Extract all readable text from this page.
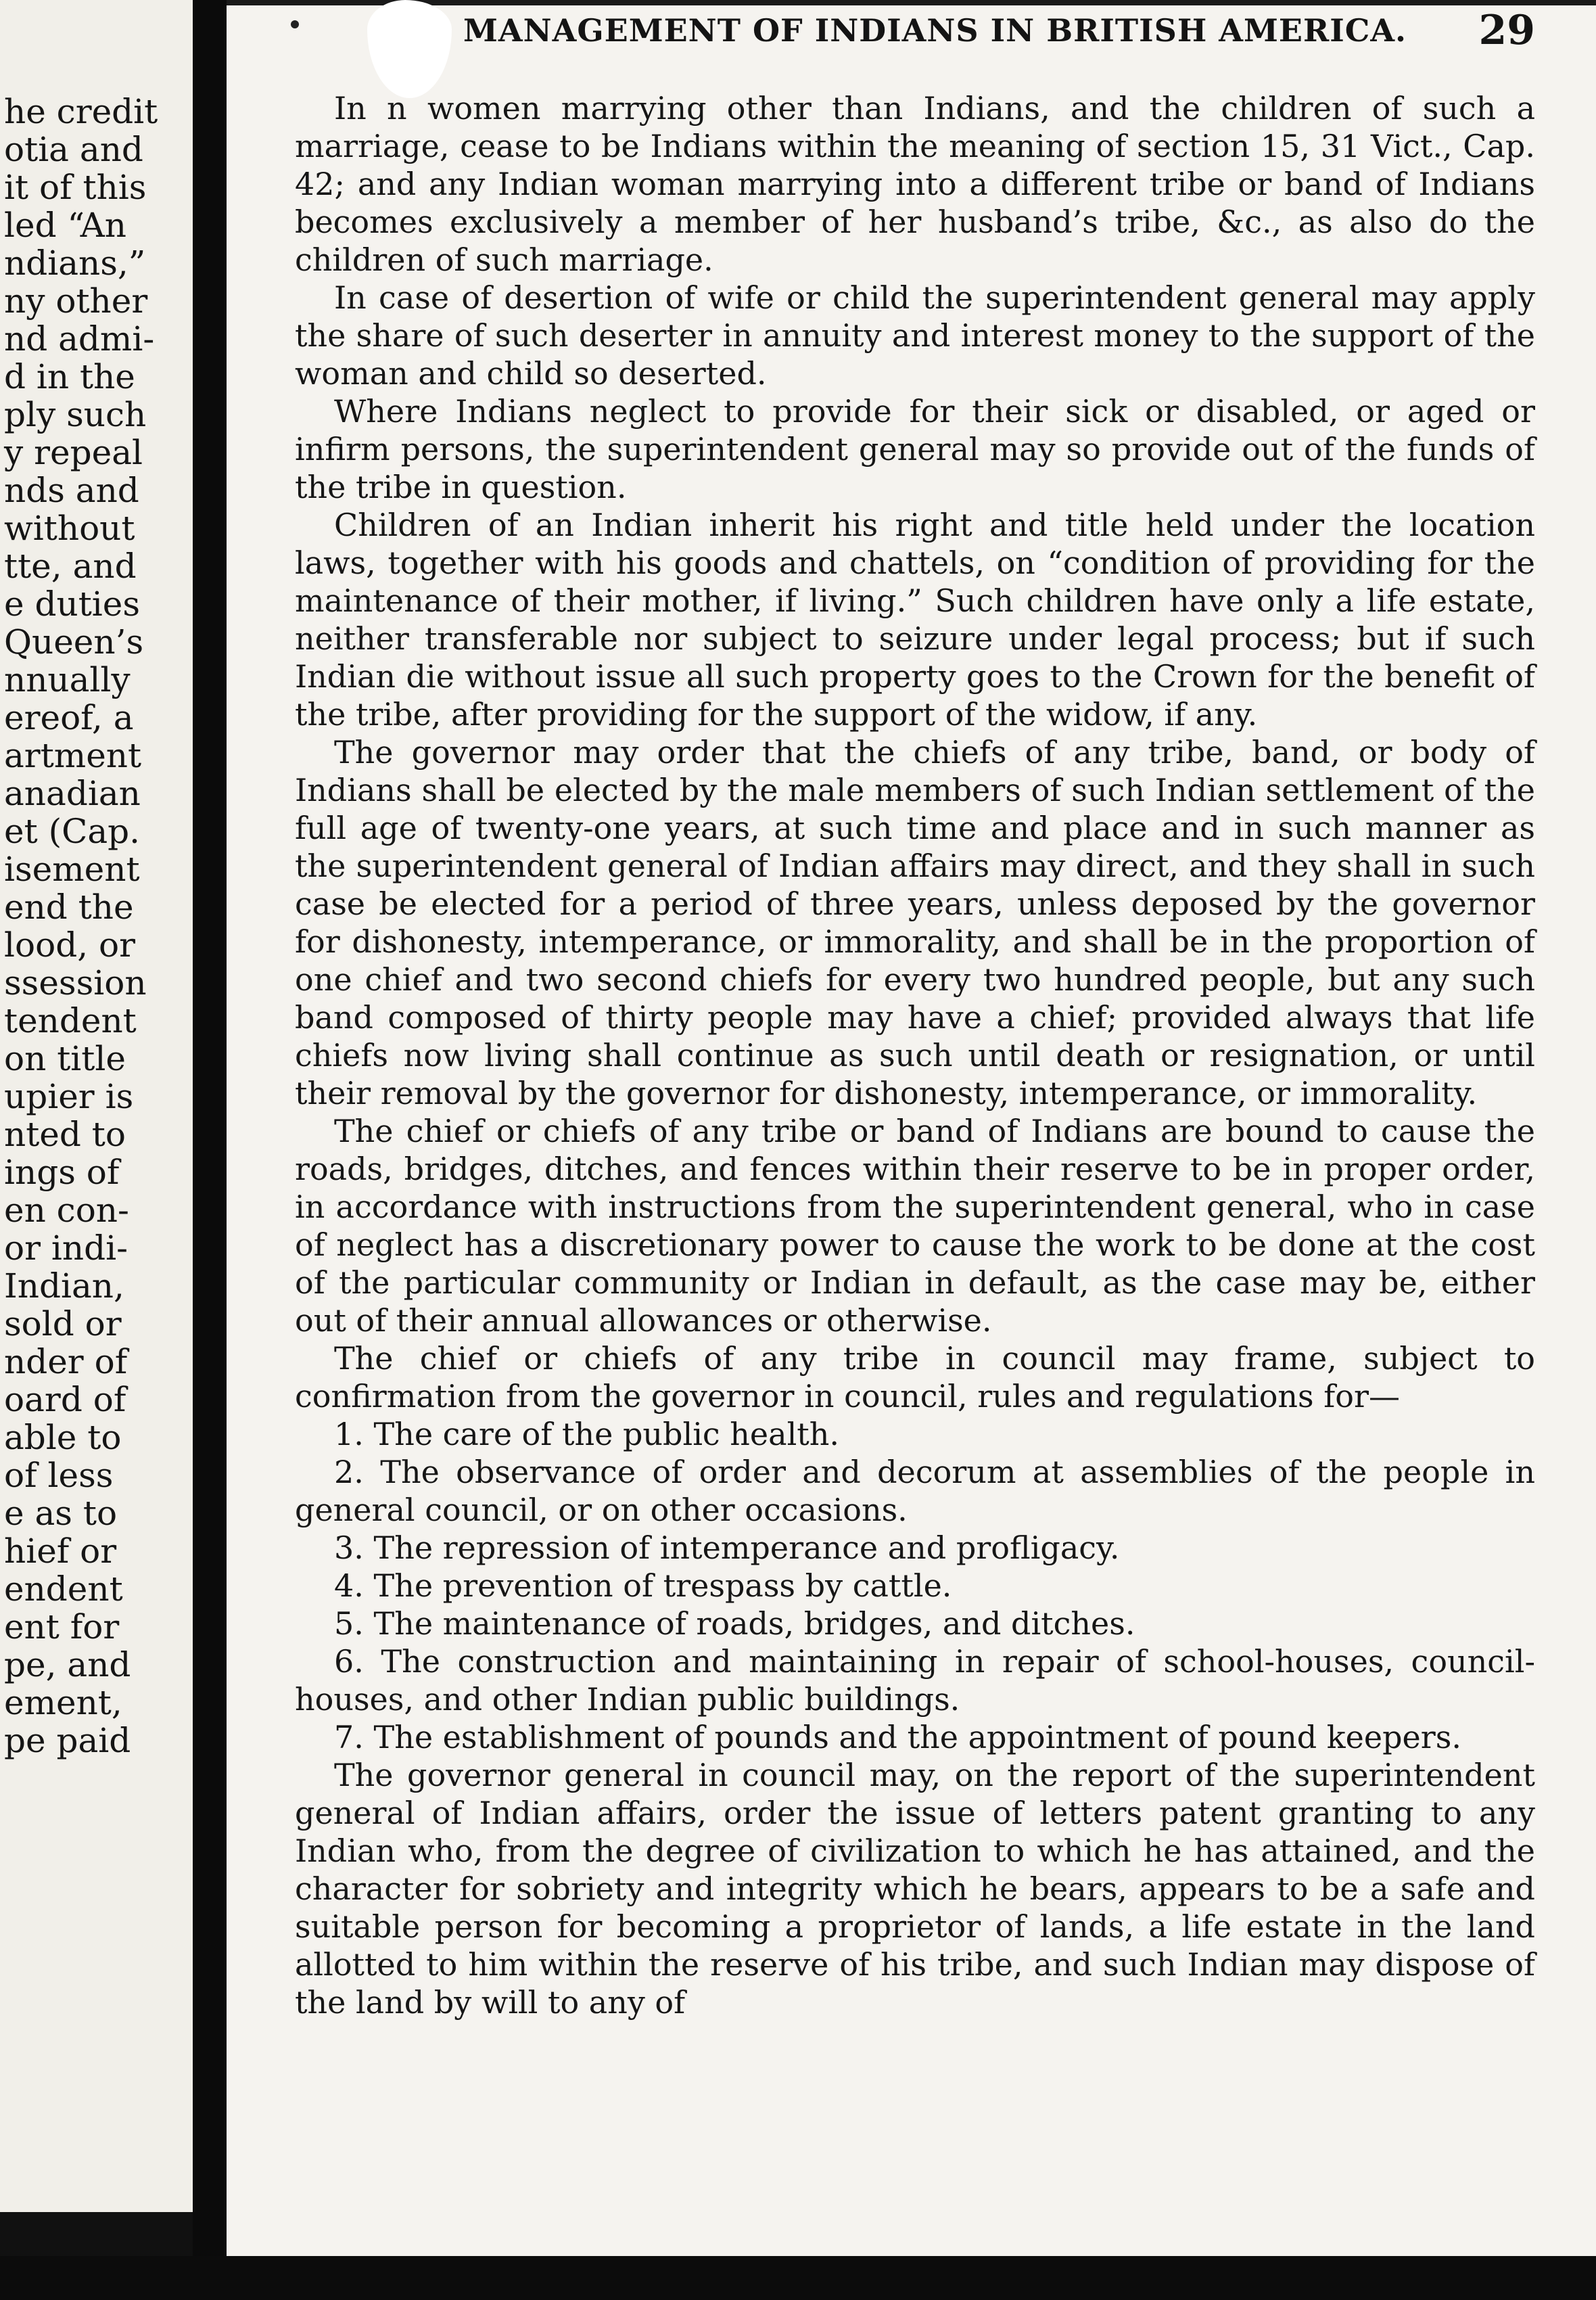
he credit
otia and
it of this
led “An
ndians,”
ny other
nd admi-
d in the
ply such
y repeal
nds and
without
tte, and
e duties
Queen’s
nnually
ereof, a
artment
anadian
et (Cap.
isement
end the
lood, or
ssession
tendent
on title
upier is
nted to
ings of
en con-
or indi-
Indian,
sold or
nder of
oard of
able to
of less
e as to
hief or
endent
ent for
pe, and
ement,
pe paid
MANAGEMENT OF INDIANS IN BRITISH AMERICA. 29

In n women marrying other than Indians, and the children of such a marriage, cease to be Indians within the meaning of section 15, 31 Vict., Cap. 42; and any Indian woman marrying into a different tribe or band of Indians becomes exclusively a member of her husband’s tribe, &c., as also do the children of such marriage.

In case of desertion of wife or child the superintendent general may apply the share of such deserter in annuity and interest money to the support of the woman and child so deserted.

Where Indians neglect to provide for their sick or disabled, or aged or infirm persons, the superintendent general may so provide out of the funds of the tribe in question.

Children of an Indian inherit his right and title held under the location laws, together with his goods and chattels, on “condition of providing for the maintenance of their mother, if living.” Such children have only a life estate, neither transferable nor subject to seizure under legal process; but if such Indian die without issue all such property goes to the Crown for the benefit of the tribe, after providing for the support of the widow, if any.

The governor may order that the chiefs of any tribe, band, or body of Indians shall be elected by the male members of such Indian settlement of the full age of twenty-one years, at such time and place and in such manner as the superintendent general of Indian affairs may direct, and they shall in such case be elected for a period of three years, unless deposed by the governor for dishonesty, intemperance, or immorality, and shall be in the proportion of one chief and two second chiefs for every two hundred people, but any such band composed of thirty people may have a chief; provided always that life chiefs now living shall continue as such until death or resignation, or until their removal by the governor for dishonesty, intemperance, or immorality.

The chief or chiefs of any tribe or band of Indians are bound to cause the roads, bridges, ditches, and fences within their reserve to be in proper order, in accordance with instructions from the superintendent general, who in case of neglect has a discretionary power to cause the work to be done at the cost of the particular community or Indian in default, as the case may be, either out of their annual allowances or otherwise.

The chief or chiefs of any tribe in council may frame, subject to confirmation from the governor in council, rules and regulations for—

1. The care of the public health.
2. The observance of order and decorum at assemblies of the people in general council, or on other occasions.
3. The repression of intemperance and profligacy.
4. The prevention of trespass by cattle.
5. The maintenance of roads, bridges, and ditches.
6. The construction and maintaining in repair of school-houses, council-houses, and other Indian public buildings.
7. The establishment of pounds and the appointment of pound keepers.

The governor general in council may, on the report of the superintendent general of Indian affairs, order the issue of letters patent granting to any Indian who, from the degree of civilization to which he has attained, and the character for sobriety and integrity which he bears, appears to be a safe and suitable person for becoming a proprietor of lands, a life estate in the land allotted to him within the reserve of his tribe, and such Indian may dispose of the land by will to any of
